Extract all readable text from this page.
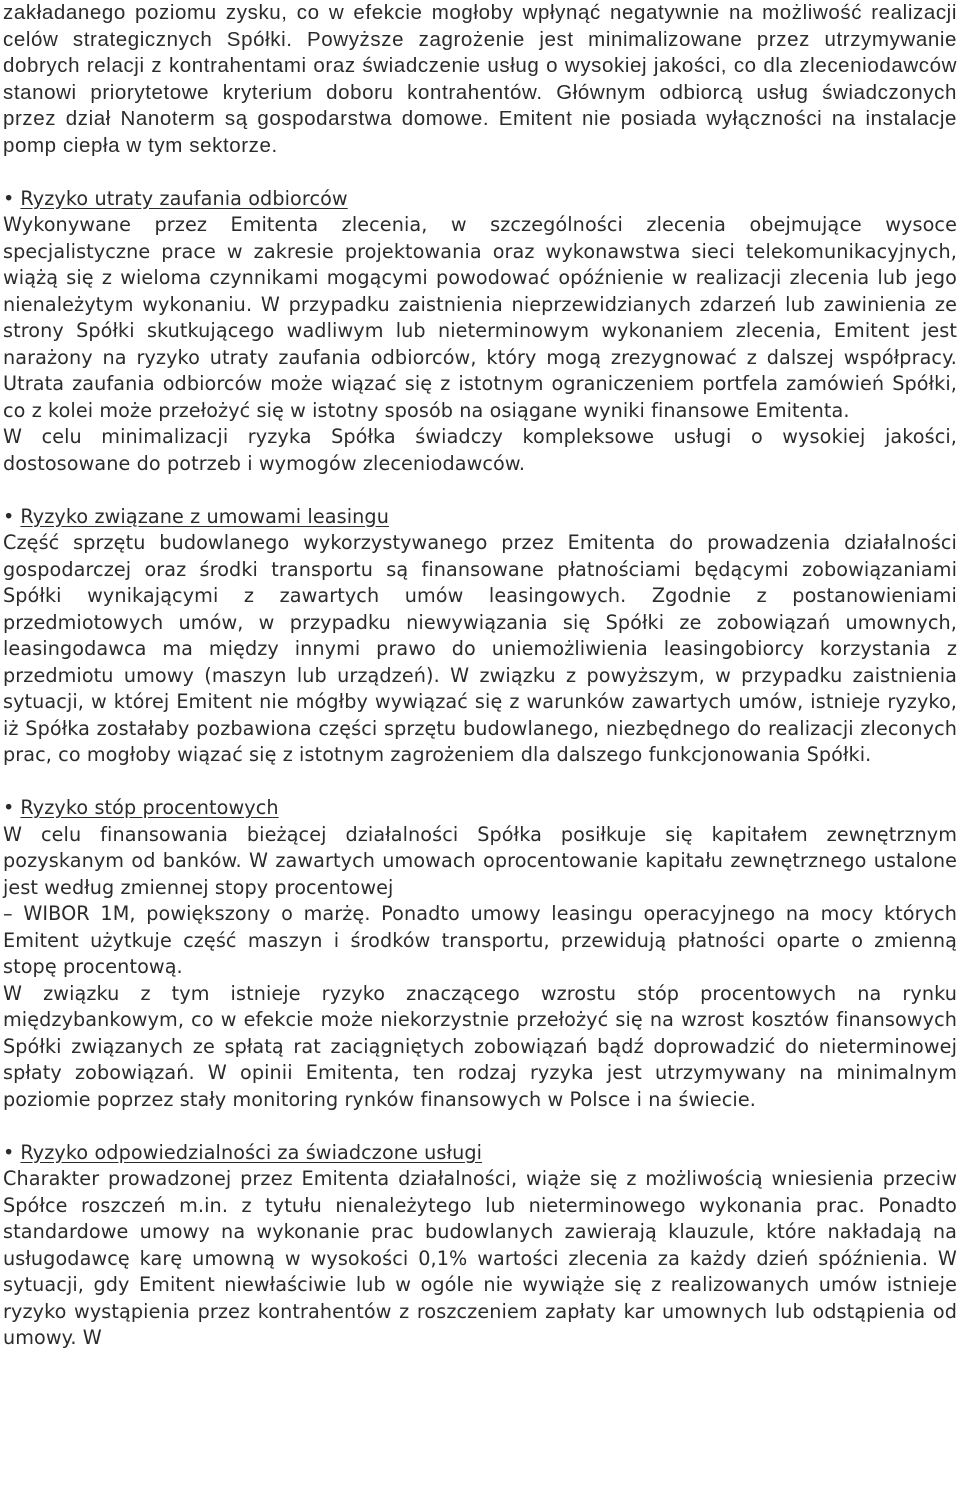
zakładanego poziomu zysku, co w efekcie mogłoby wpłynąć negatywnie na możliwość realizacji celów strategicznych Spółki. Powyższe zagrożenie jest minimalizowane przez utrzymywanie dobrych relacji z kontrahentami oraz świadczenie usług o wysokiej jakości, co dla zleceniodawców stanowi priorytetowe kryterium doboru kontrahentów. Głównym odbiorcą usług świadczonych przez dział Nanoterm są gospodarstwa domowe. Emitent nie posiada wyłączności na instalacje pomp ciepła w tym sektorze.

• Ryzyko utraty zaufania odbiorców

Wykonywane przez Emitenta zlecenia, w szczególności zlecenia obejmujące wysoce specjalistyczne prace w zakresie projektowania oraz wykonawstwa sieci telekomunikacyjnych, wiążą się z wieloma czynnikami mogącymi powodować opóźnienie w realizacji zlecenia lub jego nienależytym wykonaniu. W przypadku zaistnienia nieprzewidzianych zdarzeń lub zawinienia ze strony Spółki skutkującego wadliwym lub nieterminowym wykonaniem zlecenia, Emitent jest narażony na ryzyko utraty zaufania odbiorców, który mogą zrezygnować z dalszej współpracy. Utrata zaufania odbiorców może wiązać się z istotnym ograniczeniem portfela zamówień Spółki, co z kolei może przełożyć się w istotny sposób na osiągane wyniki finansowe Emitenta.

W celu minimalizacji ryzyka Spółka świadczy kompleksowe usługi o wysokiej jakości, dostosowane do potrzeb i wymogów zleceniodawców.

• Ryzyko związane z umowami leasingu

Część sprzętu budowlanego wykorzystywanego przez Emitenta do prowadzenia działalności gospodarczej oraz środki transportu są finansowane płatnościami będącymi zobowiązaniami Spółki wynikającymi z zawartych umów leasingowych. Zgodnie z postanowieniami przedmiotowych umów, w przypadku niewywiązania się Spółki ze zobowiązań umownych, leasingodawca ma między innymi prawo do uniemożliwienia leasingobiorcy korzystania z przedmiotu umowy (maszyn lub urządzeń). W związku z powyższym, w przypadku zaistnienia sytuacji, w której Emitent nie mógłby wywiązać się z warunków zawartych umów, istnieje ryzyko, iż Spółka zostałaby pozbawiona części sprzętu budowlanego, niezbędnego do realizacji zleconych prac, co mogłoby wiązać się z istotnym zagrożeniem dla dalszego funkcjonowania Spółki.

• Ryzyko stóp procentowych

W celu finansowania bieżącej działalności Spółka posiłkuje się kapitałem zewnętrznym pozyskanym od banków. W zawartych umowach oprocentowanie kapitału zewnętrznego ustalone jest według zmiennej stopy procentowej

– WIBOR 1M, powiększony o marżę. Ponadto umowy leasingu operacyjnego na mocy których Emitent użytkuje część maszyn i środków transportu, przewidują płatności oparte o zmienną stopę procentową.

W związku z tym istnieje ryzyko znaczącego wzrostu stóp procentowych na rynku międzybankowym, co w efekcie może niekorzystnie przełożyć się na wzrost kosztów finansowych Spółki związanych ze spłatą rat zaciągniętych zobowiązań bądź doprowadzić do nieterminowej spłaty zobowiązań. W opinii Emitenta, ten rodzaj ryzyka jest utrzymywany na minimalnym poziomie poprzez stały monitoring rynków finansowych w Polsce i na świecie.

• Ryzyko odpowiedzialności za świadczone usługi

Charakter prowadzonej przez Emitenta działalności, wiąże się z możliwością wniesienia przeciw Spółce roszczeń m.in. z tytułu nienależytego lub nieterminowego wykonania prac. Ponadto standardowe umowy na wykonanie prac budowlanych zawierają klauzule, które nakładają na usługodawcę karę umowną w wysokości 0,1% wartości zlecenia za każdy dzień spóźnienia. W sytuacji, gdy Emitent niewłaściwie lub w ogóle nie wywiąże się z realizowanych umów istnieje ryzyko wystąpienia przez kontrahentów z roszczeniem zapłaty kar umownych lub odstąpienia od umowy. W
